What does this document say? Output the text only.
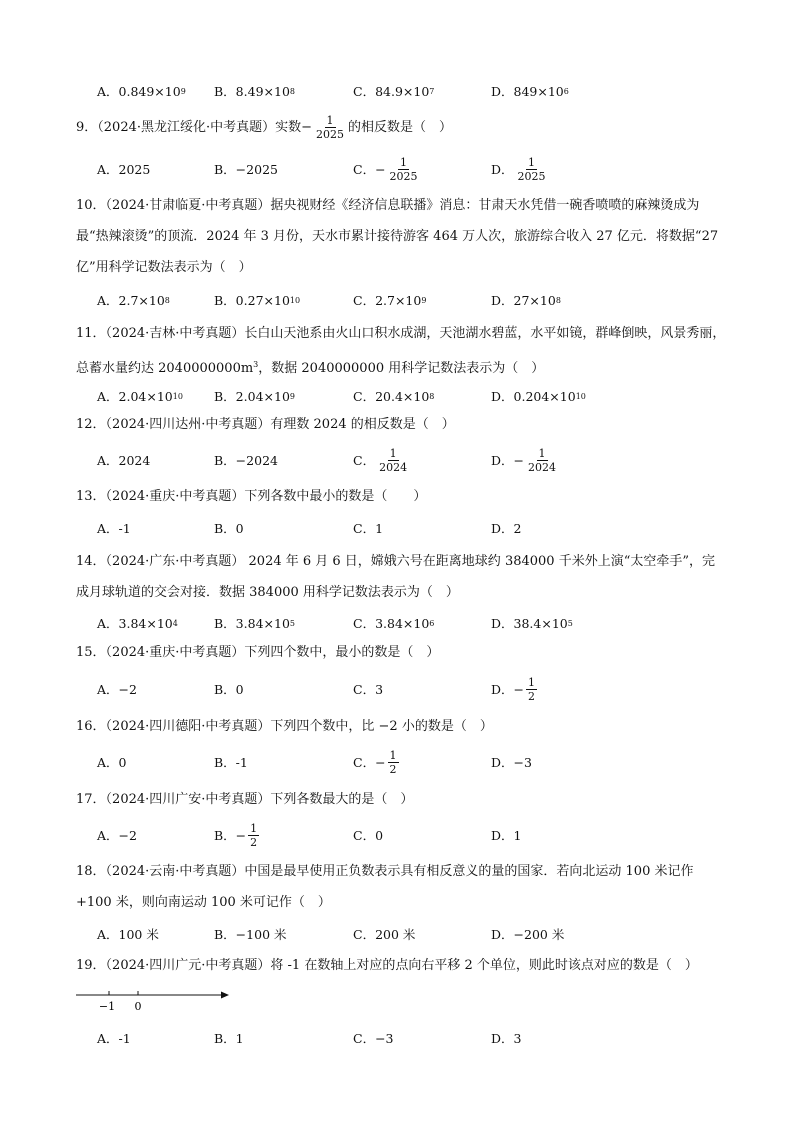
A．0.849×10 9 B．8.49×10 8	C．84.9×10 7	D．849×10 6
9．（2024·黑龙江绥化·中考真题）实数− $\frac{1}{2025}$ 的相反数是（　）
A．2025	B．−2025	C．− $\frac{1}{2025}$	D． $\frac{1}{2025}$
10．（2024·甘肃临夏·中考真题）据央视财经《经济信息联播》消息：甘肃天水凭借一碗香喷喷的麻辣烫成为最“热辣滚烫”的顶流．2024 年 3 月份，天水市累计接待游客 464 万人次，旅游综合收入 27 亿元．将数据“27 亿”用科学记数法表示为（　）
A．2.7×10 8	B．0.27×10 10	C．2.7×10 9	D．27×10 8
11．（2024·吉林·中考真题）长白山天池系由火山口积水成湖，天池湖水碧蓝，水平如镜，群峰倒映，风景秀丽，总蓄水量约达 $2040000000m^3$，数据 2040000000 用科学记数法表示为（　）
A．2.04×10 10 B．2.04×10 9	C．20.4×10 8	D．0.204×10 10
12．（2024·四川达州·中考真题）有理数 2024 的相反数是（　）
A．2024	B．−2024	C． $\frac{1}{2024}$	D．− $\frac{1}{2024}$
13．（2024·重庆·中考真题）下列各数中最小的数是（　　）
A．-1	B．0	C．1	D．2
14．（2024·广东·中考真题） 2024 年 6 月 6 日，嫦娥六号在距离地球约 384000 千米外上演“太空牵手”，完成月球轨道的交会对接．数据 384000 用科学记数法表示为（　）
A．3.84×10 4	B．3.84×10 5	C．3.84×10 6	D．38.4×10 5
15．（2024·重庆·中考真题）下列四个数中，最小的数是（　）
A．−2	B．0	C．3	D．− $\frac{1}{2}$
16．（2024·四川德阳·中考真题）下列四个数中，比 −2 小的数是（　）
A．0	B．-1	C．− $\frac{1}{2}$	D．−3
17．（2024·四川广安·中考真题）下列各数最大的是（　）
A．−2	B．− $\frac{1}{2}$	C．0	D．1
18．（2024·云南·中考真题）中国是最早使用正负数表示具有相反意义的量的国家．若向北运动 100 米记作 +100 米，则向南运动 100 米可记作（　）
A．100 米	B．−100 米	C．200 米	D．−200 米
19．（2024·四川广元·中考真题）将 -1 在数轴上对应的点向右平移 2 个单位，则此时该点对应的数是（　）
−1 0
A．-1	B．1	C．−3	D．3
